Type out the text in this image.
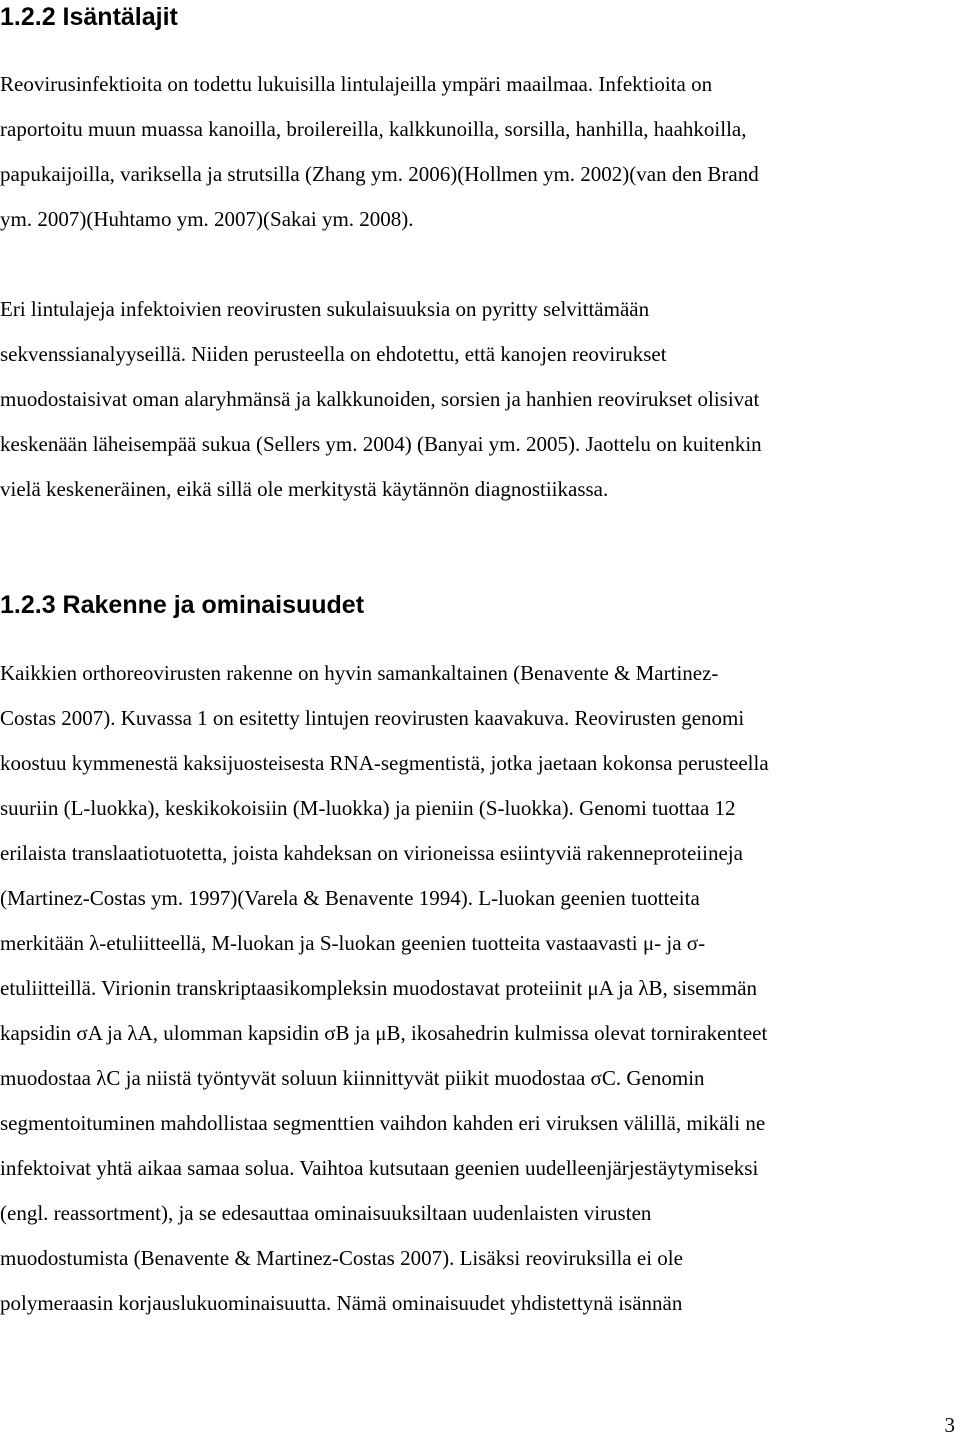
1.2.2 Isäntälajit

Reovirusinfektioita on todettu lukuisilla lintulajeilla ympäri maailmaa. Infektioita on
raportoitu muun muassa kanoilla, broilereilla, kalkkunoilla, sorsilla, hanhilla, haahkoilla,
papukaijoilla, variksella ja strutsilla (Zhang ym. 2006)(Hollmen ym. 2002)(van den Brand
ym. 2007)(Huhtamo ym. 2007)(Sakai ym. 2008).

Eri lintulajeja infektoivien reovirusten sukulaisuuksia on pyritty selvittämään
sekvenssianalyyseillä. Niiden perusteella on ehdotettu, että kanojen reovirukset
muodostaisivat oman alaryhmänsä ja kalkkunoiden, sorsien ja hanhien reovirukset olisivat
keskenään läheisempää sukua (Sellers ym. 2004) (Banyai ym. 2005). Jaottelu on kuitenkin
vielä keskeneräinen, eikä sillä ole merkitystä käytännön diagnostiikassa.

1.2.3 Rakenne ja ominaisuudet

Kaikkien orthoreovirusten rakenne on hyvin samankaltainen (Benavente & Martinez-
Costas 2007). Kuvassa 1 on esitetty lintujen reovirusten kaavakuva. Reovirusten genomi
koostuu kymmenestä kaksijuosteisesta RNA-segmentistä, jotka jaetaan kokonsa perusteella
suuriin (L-luokka), keskikokoisiin (M-luokka) ja pieniin (S-luokka). Genomi tuottaa 12
erilaista translaatiotuotetta, joista kahdeksan on virioneissa esiintyviä rakenneproteiineja
(Martinez-Costas ym. 1997)(Varela & Benavente 1994). L-luokan geenien tuotteita
merkitään λ-etuliitteellä, M-luokan ja S-luokan geenien tuotteita vastaavasti μ- ja σ-
etuliitteillä. Virionin transkriptaasikompleksin muodostavat proteiinit μA ja λB, sisemmän
kapsidin σA ja λA, ulomman kapsidin σB ja μB, ikosahedrin kulmissa olevat tornirakenteet
muodostaa λC ja niistä työntyvät soluun kiinnittyvät piikit muodostaa σC. Genomin
segmentoituminen mahdollistaa segmenttien vaihdon kahden eri viruksen välillä, mikäli ne
infektoivat yhtä aikaa samaa solua. Vaihtoa kutsutaan geenien uudelleenjärjestäytymiseksi
(engl. reassortment), ja se edesauttaa ominaisuuksiltaan uudenlaisten virusten
muodostumista (Benavente & Martinez-Costas 2007). Lisäksi reoviruksilla ei ole
polymeraasin korjauslukuominaisuutta. Nämä ominaisuudet yhdistettynä isännän

3
